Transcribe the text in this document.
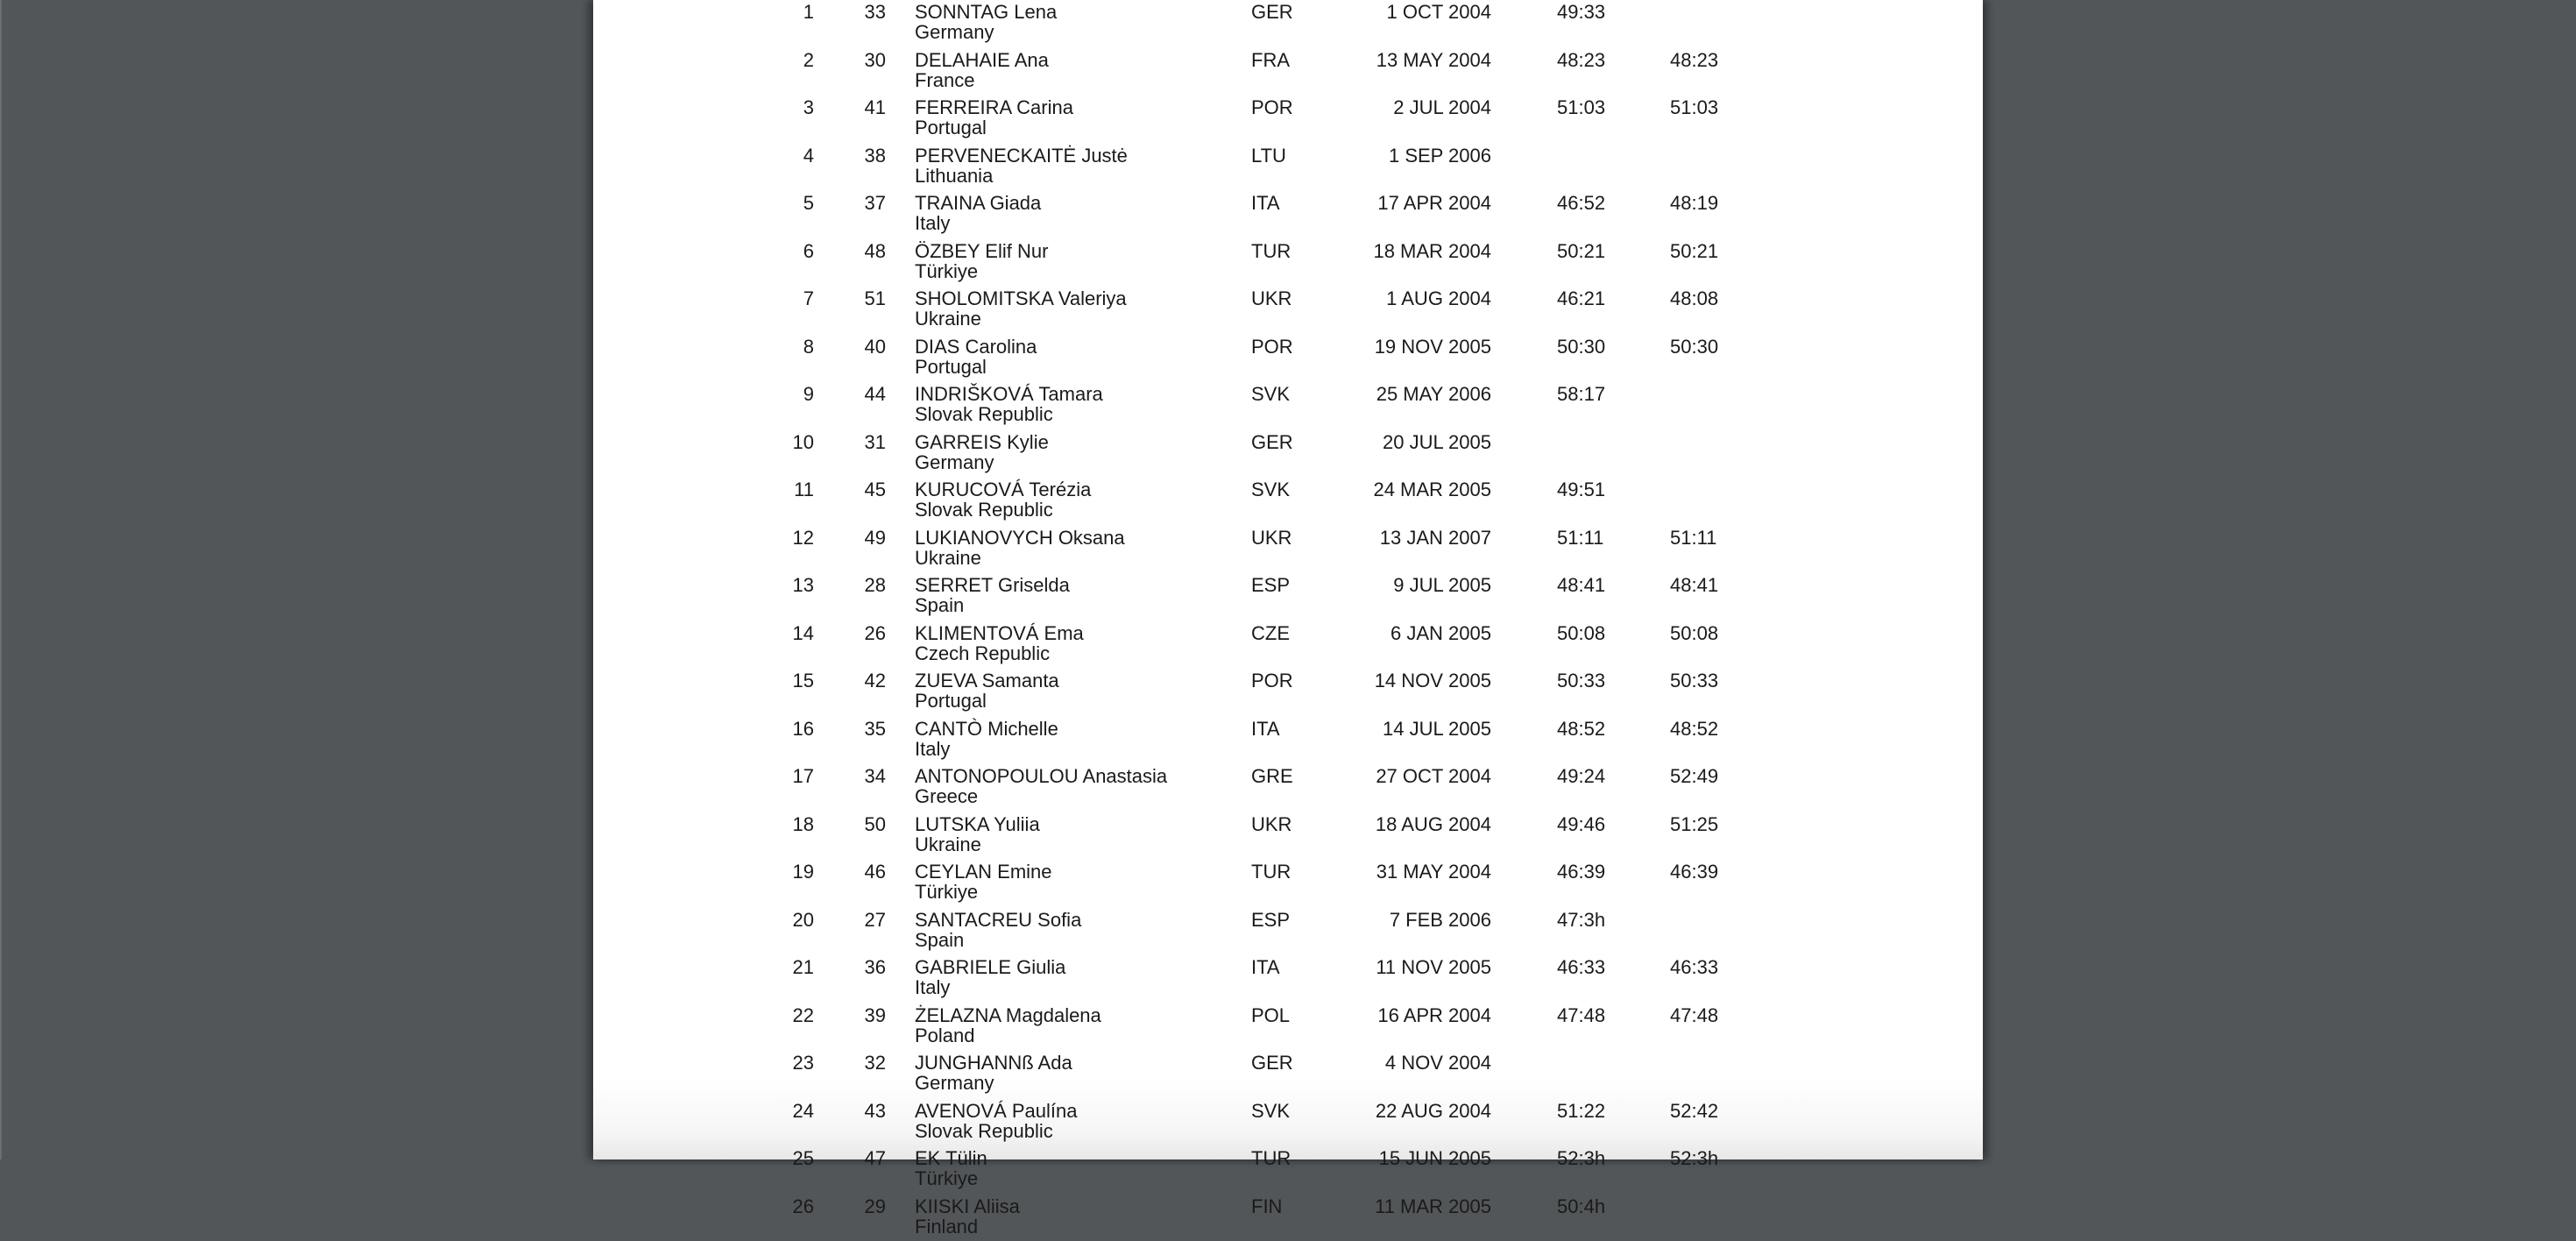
1	33 SONNTAG Lena
Germany
GER	1 OCT 2004	49:33
2	30 DELAHAIE Ana
France
FRA	13 MAY 2004	48:23	48:23
3	41 FERREIRA Carina
Portugal
POR	2 JUL 2004	51:03	51:03
4	38 PERVENECKAITĖ Justė
Lithuania
LTU	1 SEP 2006
5	37 TRAINA Giada
Italy
ITA	17 APR 2004	46:52	48:19
6	48 ÖZBEY Elif Nur
Türkiye
TUR	18 MAR 2004	50:21	50:21
7	51 SHOLOMITSKA Valeriya
Ukraine
UKR	1 AUG 2004	46:21	48:08
8	40 DIAS Carolina
Portugal
POR	19 NOV 2005	50:30	50:30
9	44 INDRIŠKOVÁ Tamara
Slovak Republic
SVK	25 MAY 2006	58:17
10	31 GARREIS Kylie
Germany
GER	20 JUL 2005
11	45 KURUCOVÁ Terézia
Slovak Republic
SVK	24 MAR 2005	49:51
12	49 LUKIANOVYCH Oksana
Ukraine
UKR	13 JAN 2007	51:11	51:11
13	28 SERRET Griselda
Spain
ESP	9 JUL 2005	48:41	48:41
14	26 KLIMENTOVÁ Ema
Czech Republic
CZE	6 JAN 2005	50:08	50:08
15	42 ZUEVA Samanta
Portugal
POR	14 NOV 2005	50:33	50:33
16	35 CANTÒ Michelle
Italy
ITA	14 JUL 2005	48:52	48:52
17	34 ANTONOPOULOU Anastasia
Greece
GRE	27 OCT 2004	49:24	52:49
18	50 LUTSKA Yuliia
Ukraine
UKR	18 AUG 2004	49:46	51:25
19	46 CEYLAN Emine
Türkiye
TUR	31 MAY 2004	46:39	46:39
20	27 SANTACREU Sofia
Spain
ESP	7 FEB 2006	47:3h
21	36 GABRIELE Giulia
Italy
ITA	11 NOV 2005	46:33	46:33
22	39 ŻELAZNA Magdalena
Poland
POL	16 APR 2004	47:48	47:48
23	32 JUNGHANNß Ada
Germany
GER	4 NOV 2004
24	43 AVENOVÁ Paulína
Slovak Republic
SVK	22 AUG 2004	51:22	52:42
25	47 EK Tülin
Türkiye
TUR	15 JUN 2005	52:3h	52:3h
26	29 KIISKI Aliisa
Finland
FIN	11 MAR 2005	50:4h
